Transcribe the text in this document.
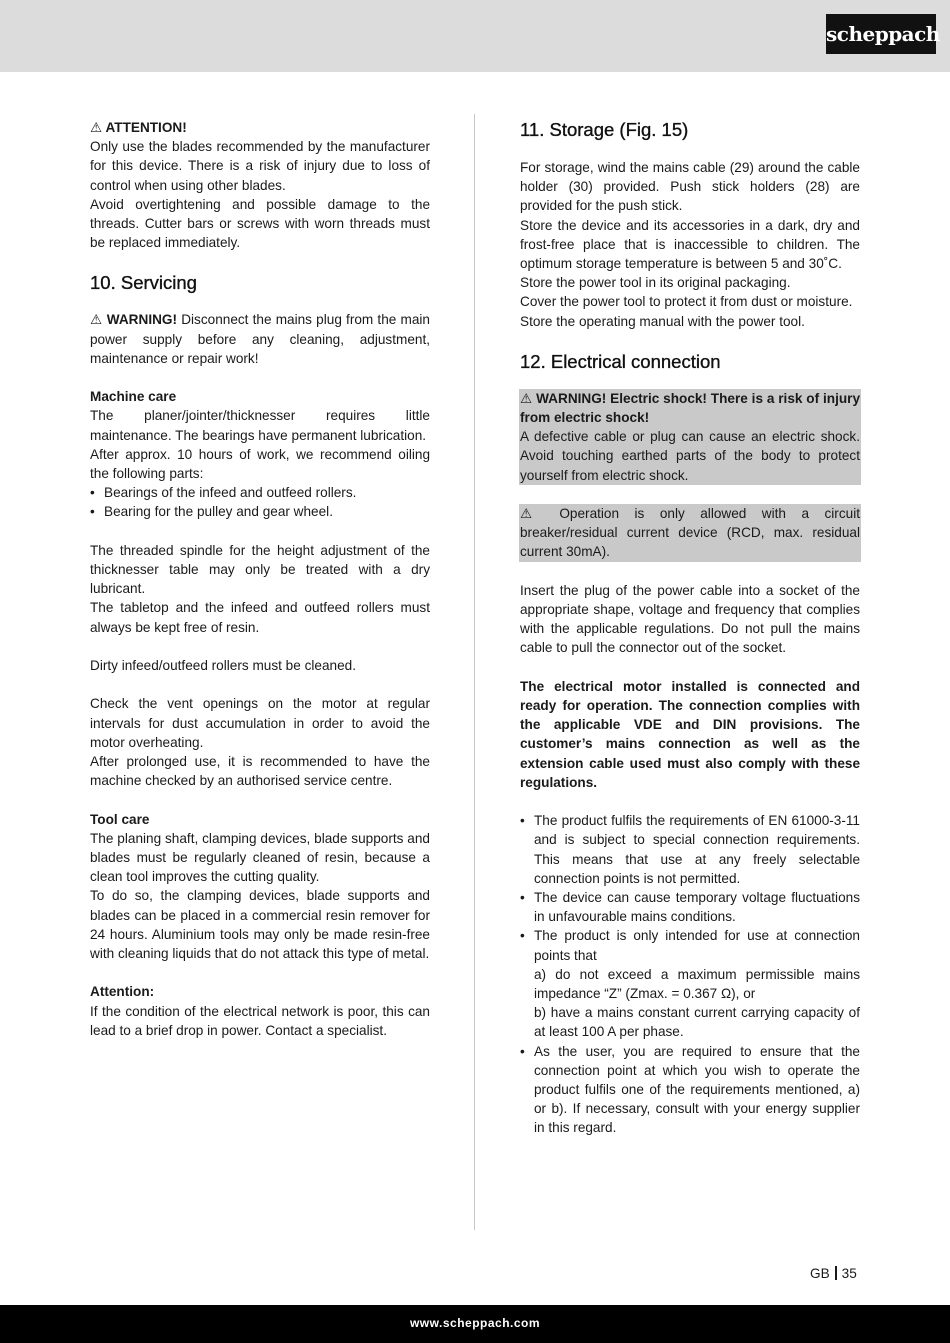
scheppach

⚠ ATTENTION!

Only use the blades recommended by the manufacturer for this device. There is a risk of injury due to loss of control when using other blades.

Avoid overtightening and possible damage to the threads. Cutter bars or screws with worn threads must be replaced immediately.

10. Servicing

⚠ WARNING! Disconnect the mains plug from the main power supply before any cleaning, adjustment, maintenance or repair work!

Machine care

The planer/jointer/thicknesser requires little maintenance. The bearings have permanent lubrication.

After approx. 10 hours of work, we recommend oiling the following parts:

• Bearings of the infeed and outfeed rollers.
• Bearing for the pulley and gear wheel.

The threaded spindle for the height adjustment of the thicknesser table may only be treated with a dry lubricant.

The tabletop and the infeed and outfeed rollers must always be kept free of resin.

Dirty infeed/outfeed rollers must be cleaned.

Check the vent openings on the motor at regular intervals for dust accumulation in order to avoid the motor overheating.

After prolonged use, it is recommended to have the machine checked by an authorised service centre.

Tool care

The planing shaft, clamping devices, blade supports and blades must be regularly cleaned of resin, because a clean tool improves the cutting quality.

To do so, the clamping devices, blade supports and blades can be placed in a commercial resin remover for 24 hours. Aluminium tools may only be made resin-free with cleaning liquids that do not attack this type of metal.

Attention:

If the condition of the electrical network is poor, this can lead to a brief drop in power. Contact a specialist.

11. Storage (Fig. 15)

For storage, wind the mains cable (29) around the cable holder (30) provided. Push stick holders (28) are provided for the push stick.

Store the device and its accessories in a dark, dry and frost-free place that is inaccessible to children. The optimum storage temperature is between 5 and 30˚C.

Store the power tool in its original packaging.

Cover the power tool to protect it from dust or moisture.

Store the operating manual with the power tool.

12. Electrical connection

⚠ WARNING! Electric shock! There is a risk of injury from electric shock!

A defective cable or plug can cause an electric shock. Avoid touching earthed parts of the body to protect yourself from electric shock.

⚠ Operation is only allowed with a circuit breaker/residual current device (RCD, max. residual current 30mA).

Insert the plug of the power cable into a socket of the appropriate shape, voltage and frequency that complies with the applicable regulations. Do not pull the mains cable to pull the connector out of the socket.

The electrical motor installed is connected and ready for operation. The connection complies with the applicable VDE and DIN provisions. The customer’s mains connection as well as the extension cable used must also comply with these regulations.

• The product fulfils the requirements of EN 61000-3-11 and is subject to special connection requirements. This means that use at any freely selectable connection points is not permitted.
• The device can cause temporary voltage fluctuations in unfavourable mains conditions.
• The product is only intended for use at connection points that
a) do not exceed a maximum permissible mains impedance “Z” (Zmax. = 0.367 Ω), or
b) have a mains constant current carrying capacity of at least 100 A per phase.
• As the user, you are required to ensure that the connection point at which you wish to operate the product fulfils one of the requirements mentioned, a) or b). If necessary, consult with your energy supplier in this regard.
GB 35
www.scheppach.com
